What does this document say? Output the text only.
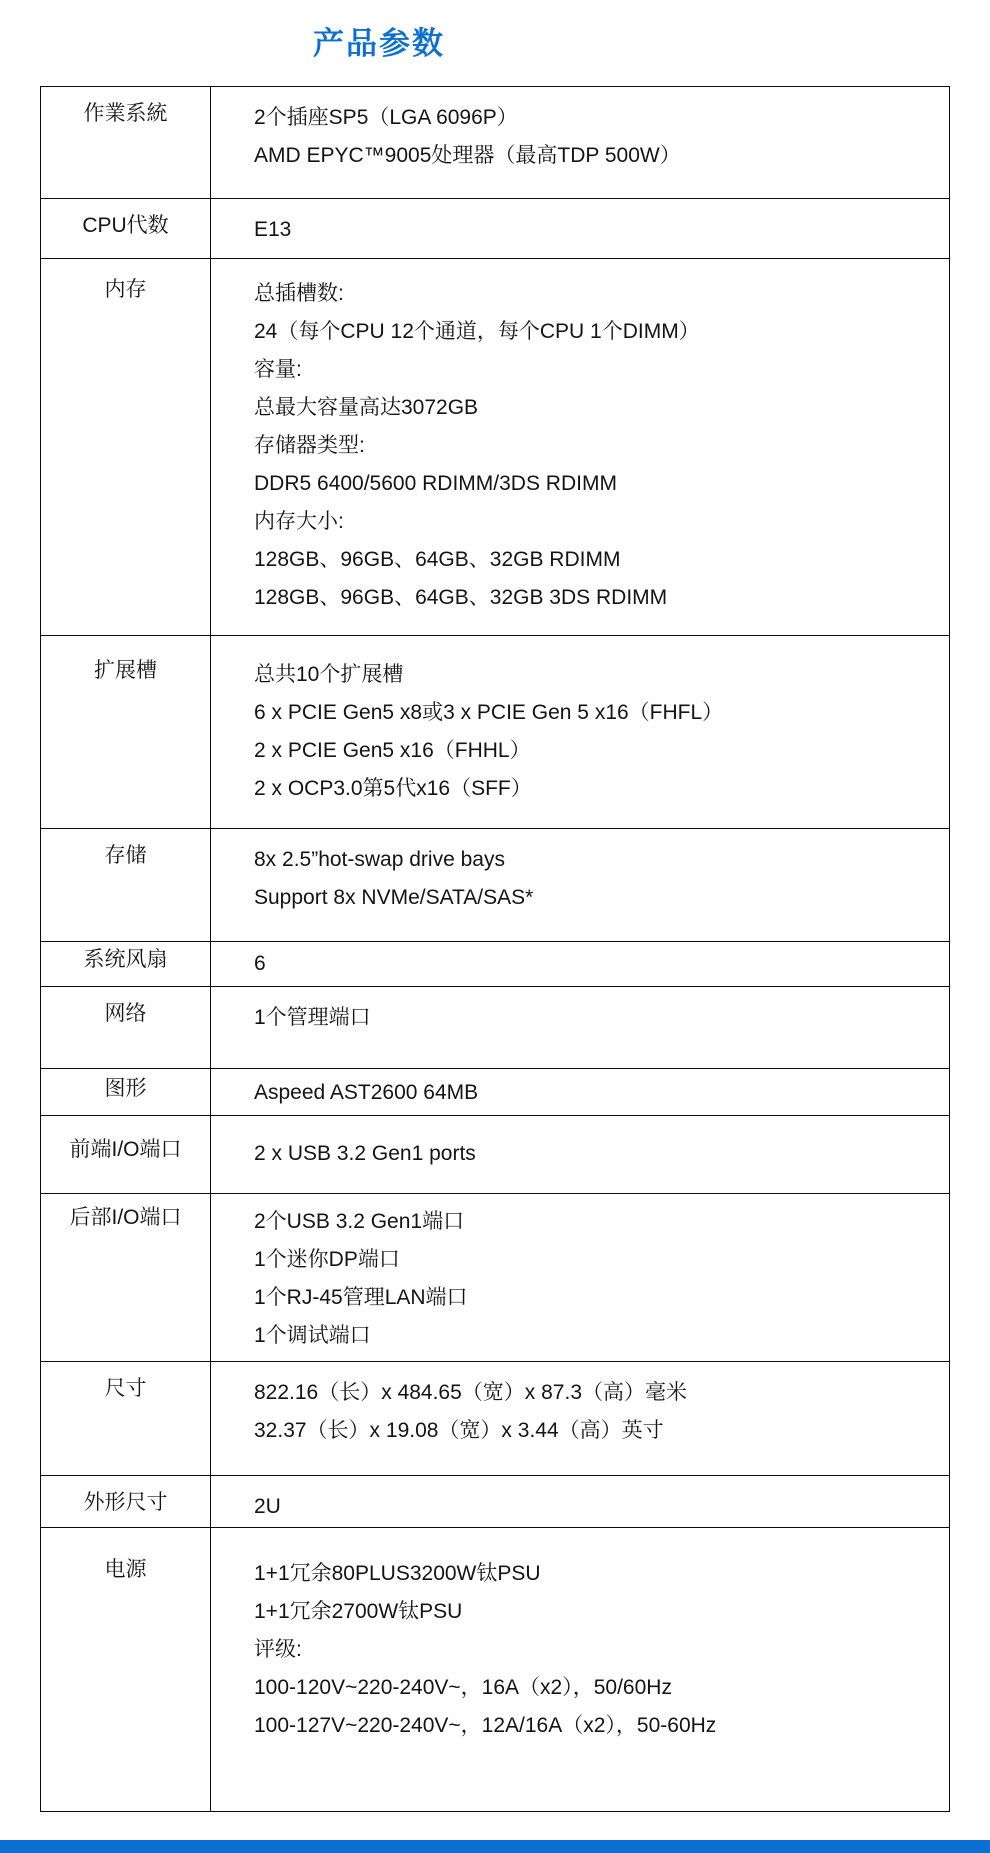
产品参数
作業系統	2个插座SP5（LGA 6096P）
AMD EPYC™9005处理器（最高TDP 500W）

CPU代数	E13

内存	总插槽数:
24（每个CPU 12个通道，每个CPU 1个DIMM）
容量:
总最大容量高达3072GB
存储器类型:
DDR5 6400/5600 RDIMM/3DS RDIMM
内存大小:
128GB、96GB、64GB、32GB RDIMM
128GB、96GB、64GB、32GB 3DS RDIMM

扩展槽	总共10个扩展槽
6 x PCIE Gen5 x8或3 x PCIE Gen 5 x16（FHFL）
2 x PCIE Gen5 x16（FHHL）
2 x OCP3.0第5代x16（SFF）

存储	8x 2.5”hot-swap drive bays
Support 8x NVMe/SATA/SAS*

系统风扇	6

网络	1个管理端口

图形	Aspeed AST2600 64MB

前端I/O端口	2 x USB 3.2 Gen1 ports

后部I/O端口	2个USB 3.2 Gen1端口
1个迷你DP端口
1个RJ-45管理LAN端口
1个调试端口

尺寸	822.16（长）x 484.65（宽）x 87.3（高）毫米
32.37（长）x 19.08（宽）x 3.44（高）英寸

外形尺寸	2U

电源	1+1冗余80PLUS3200W钛PSU
1+1冗余2700W钛PSU
评级:
100-120V~220-240V~，16A（x2），50/60Hz
100-127V~220-240V~，12A/16A（x2），50-60Hz
